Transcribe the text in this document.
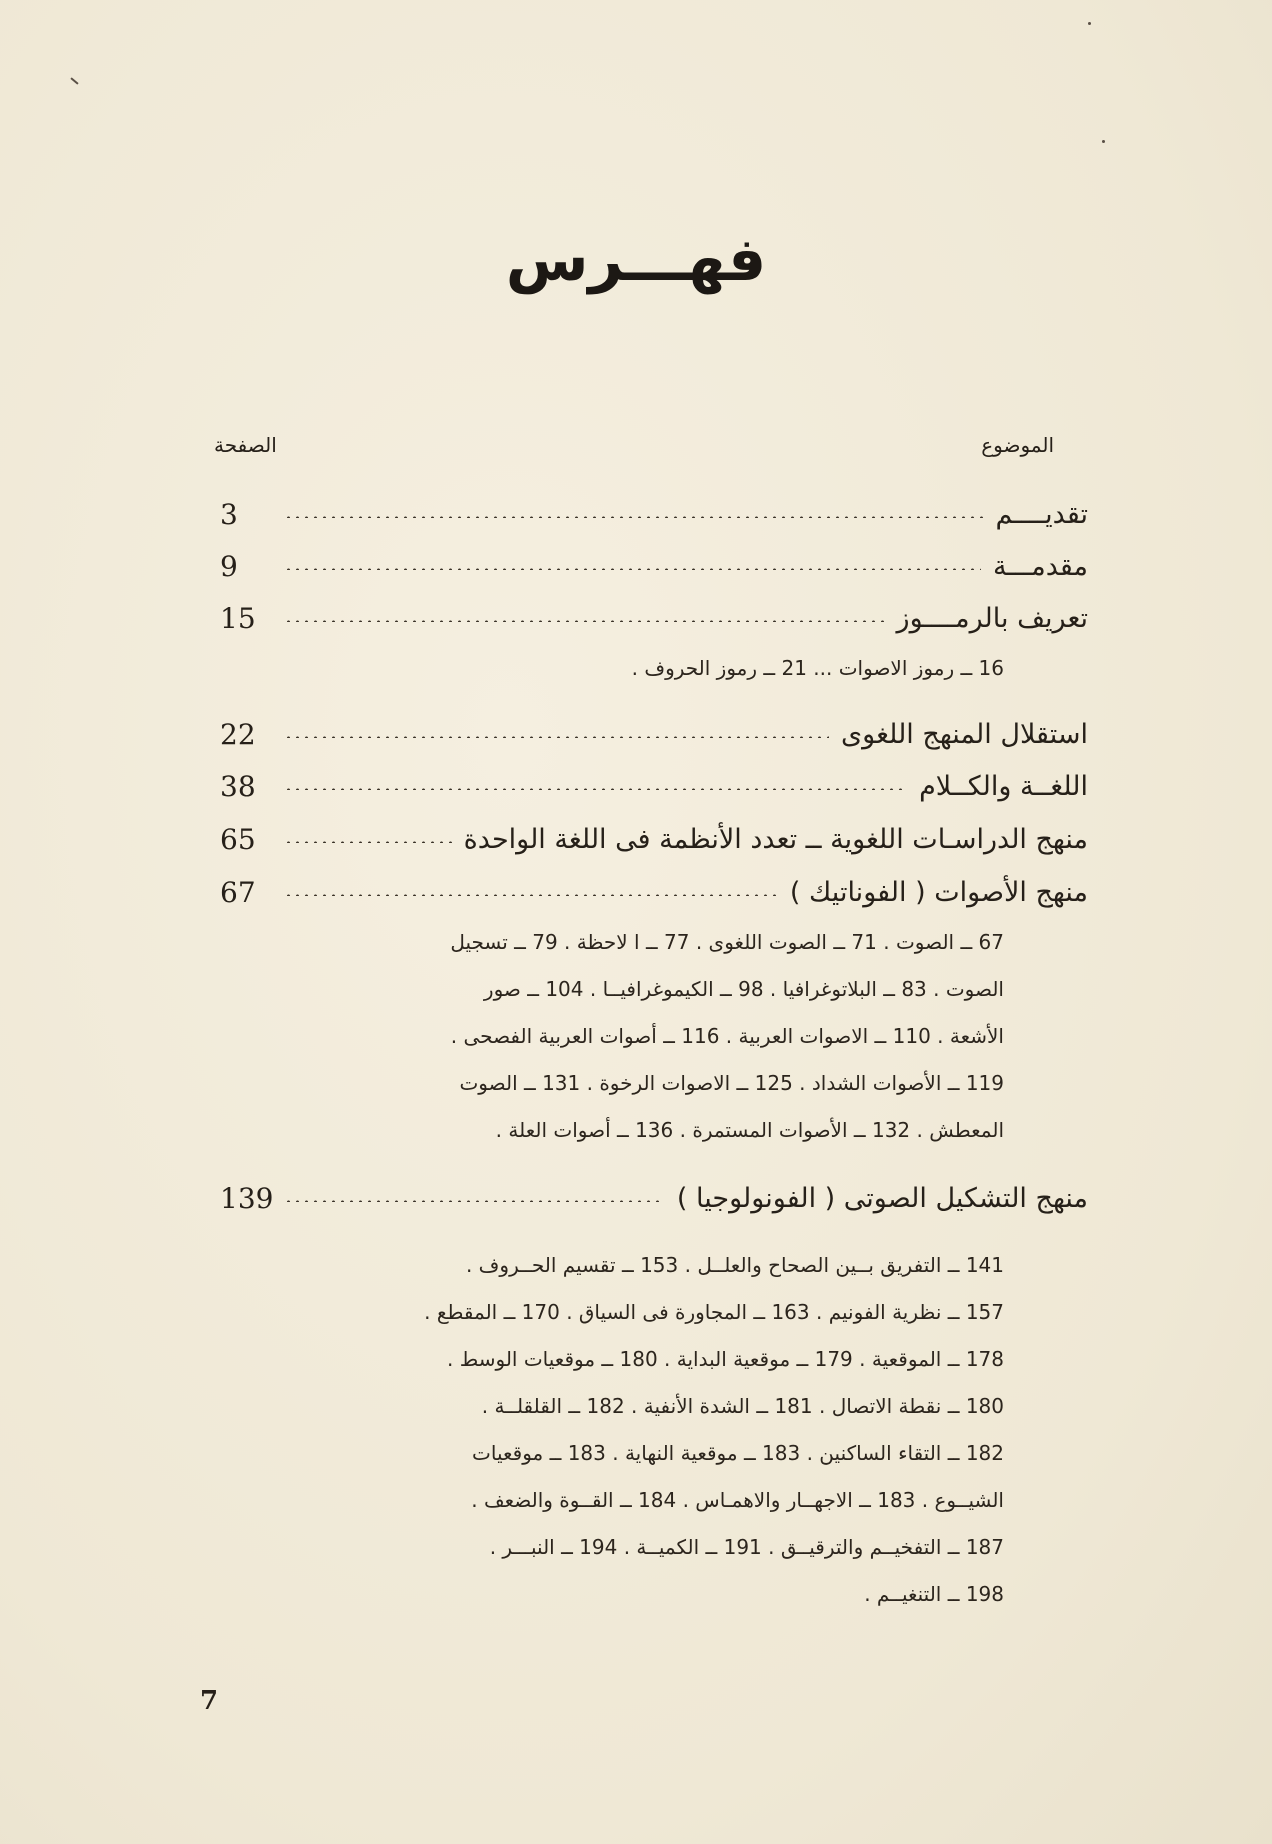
فهـــرس
الموضوع
الصفحة
تقديــــم
3
مقدمـــة
9
تعريف بالرمــــوز
15
16 ــ رموز الاصوات ... 21 ــ رموز الحروف .
استقلال المنهج اللغوى
22
اللغــة والكــلام
38
منهج الدراسـات اللغوية ــ تعدد الأنظمة فى اللغة الواحدة
65
منهج الأصوات ( الفوناتيك )
67
67 ــ الصوت . 71 ــ الصوت اللغوى . 77 ــ ا لاحظة . 79 ــ تسجيل
الصوت . 83 ــ البلاتوغرافيا . 98 ــ الكيموغرافيــا . 104 ــ صور
الأشعة . 110 ــ الاصوات العربية . 116 ــ أصوات العربية الفصحى .
119 ــ الأصوات الشداد . 125 ــ الاصوات الرخوة . 131 ــ الصوت
المعطش . 132 ــ الأصوات المستمرة . 136 ــ أصوات العلة .
منهج التشكيل الصوتى ( الفونولوجيا )
139
141 ــ التفريق بــين الصحاح والعلــل . 153 ــ تقسيم الحــروف .
157 ــ نظرية الفونيم . 163 ــ المجاورة فى السياق . 170 ــ المقطع .
178 ــ الموقعية . 179 ــ موقعية البداية . 180 ــ موقعيات الوسط .
180 ــ نقطة الاتصال . 181 ــ الشدة الأنفية . 182 ــ القلقلــة .
182 ــ التقاء الساكنين . 183 ــ موقعية النهاية . 183 ــ موقعيات
الشيــوع . 183 ــ الاجهــار والاهمـاس . 184 ــ القــوة والضعف .
187 ــ التفخيــم والترقيــق . 191 ــ الكميــة . 194 ــ النبـــر .
198 ــ التنغيــم .
7
